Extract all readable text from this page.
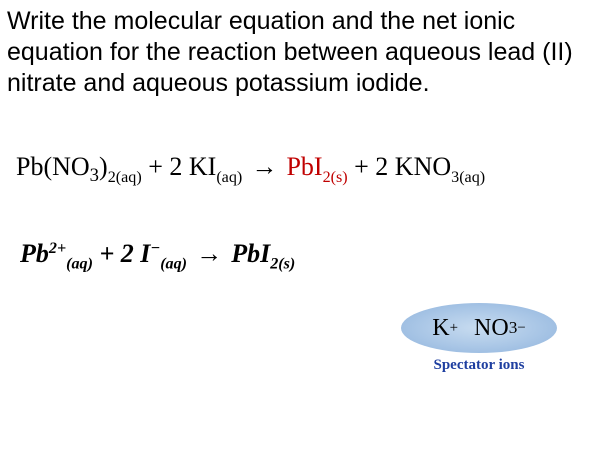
Write the molecular equation and the net ionic
equation for the reaction between aqueous lead (II)
nitrate and aqueous potassium iodide.
$Pb(NO_3)_{2(aq)} + 2$ $KI_{(aq)} \to PbI_{2(s)} + 2$ $KNO_{3(aq)}$
$Pb^{2+}_{(aq)} + 2$ $I^-_{(aq)} \to PbI_{2(s)}$
K + NO 3 −
Spectator ions
